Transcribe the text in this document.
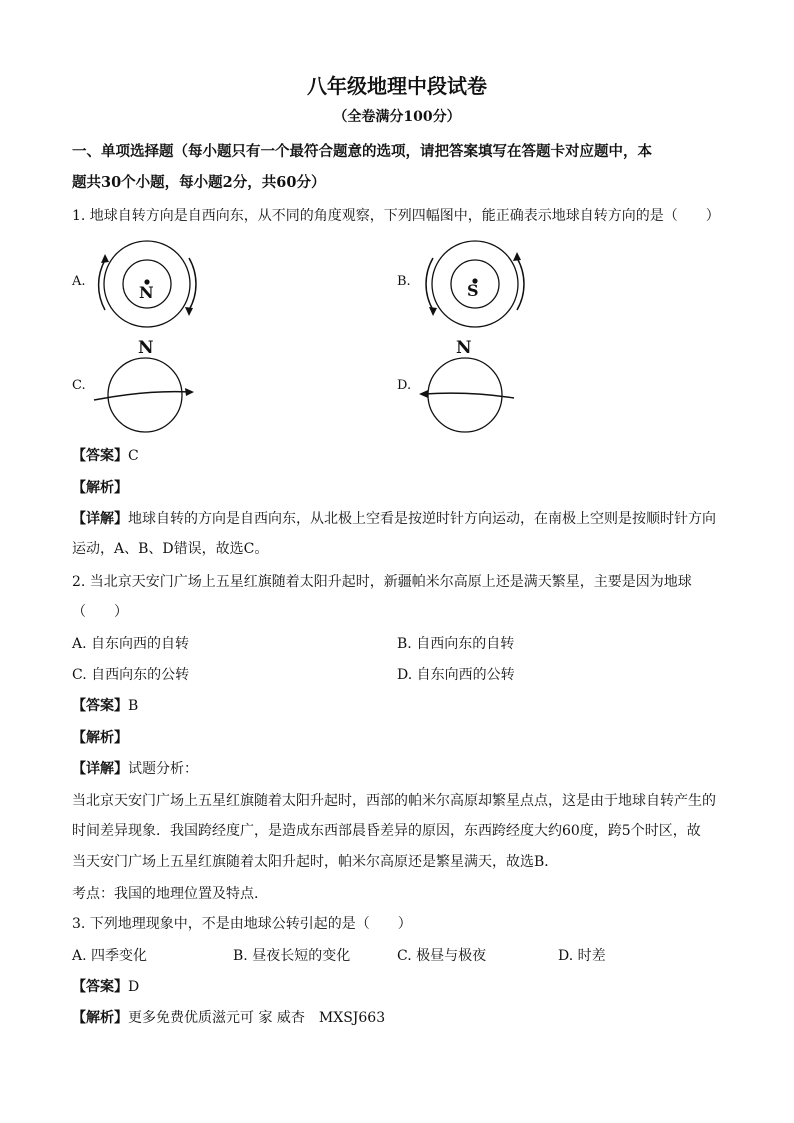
八年级地理中段试卷
（全卷满分100分）
一、单项选择题（每小题只有一个最符合题意的选项，请把答案填写在答题卡对应题中，本
题共30个小题，每小题2分，共60分）
1. 地球自转方向是自西向东，从不同的角度观察，下列四幅图中，能正确表示地球自转方向的是（　　）
A.
N
B.	S
C.
N
D.
N
【答案】C
【解析】
【详解】地球自转的方向是自西向东，从北极上空看是按逆时针方向运动，在南极上空则是按顺时针方向
运动，A、B、D错误，故选C。
2. 当北京天安门广场上五星红旗随着太阳升起时，新疆帕米尔高原上还是满天繁星，主要是因为地球
（　　）
A. 自东向西的自转	B. 自西向东的自转
C. 自西向东的公转	D. 自东向西的公转
【答案】B
【解析】
【详解】试题分析：
当北京天安门广场上五星红旗随着太阳升起时，西部的帕米尔高原却繁星点点，这是由于地球自转产生的
时间差异现象．我国跨经度广，是造成东西部晨昏差异的原因，东西跨经度大约60度，跨5个时区，故
当天安门广场上五星红旗随着太阳升起时，帕米尔高原还是繁星满天，故选B．
考点：我国的地理位置及特点.
3. 下列地理现象中，不是由地球公转引起的是（　　）
A. 四季变化	B. 昼夜长短的变化	C. 极昼与极夜	D. 时差
【答案】D
【解析】更多免费优质滋元可 家 威杏　MXSJ663
